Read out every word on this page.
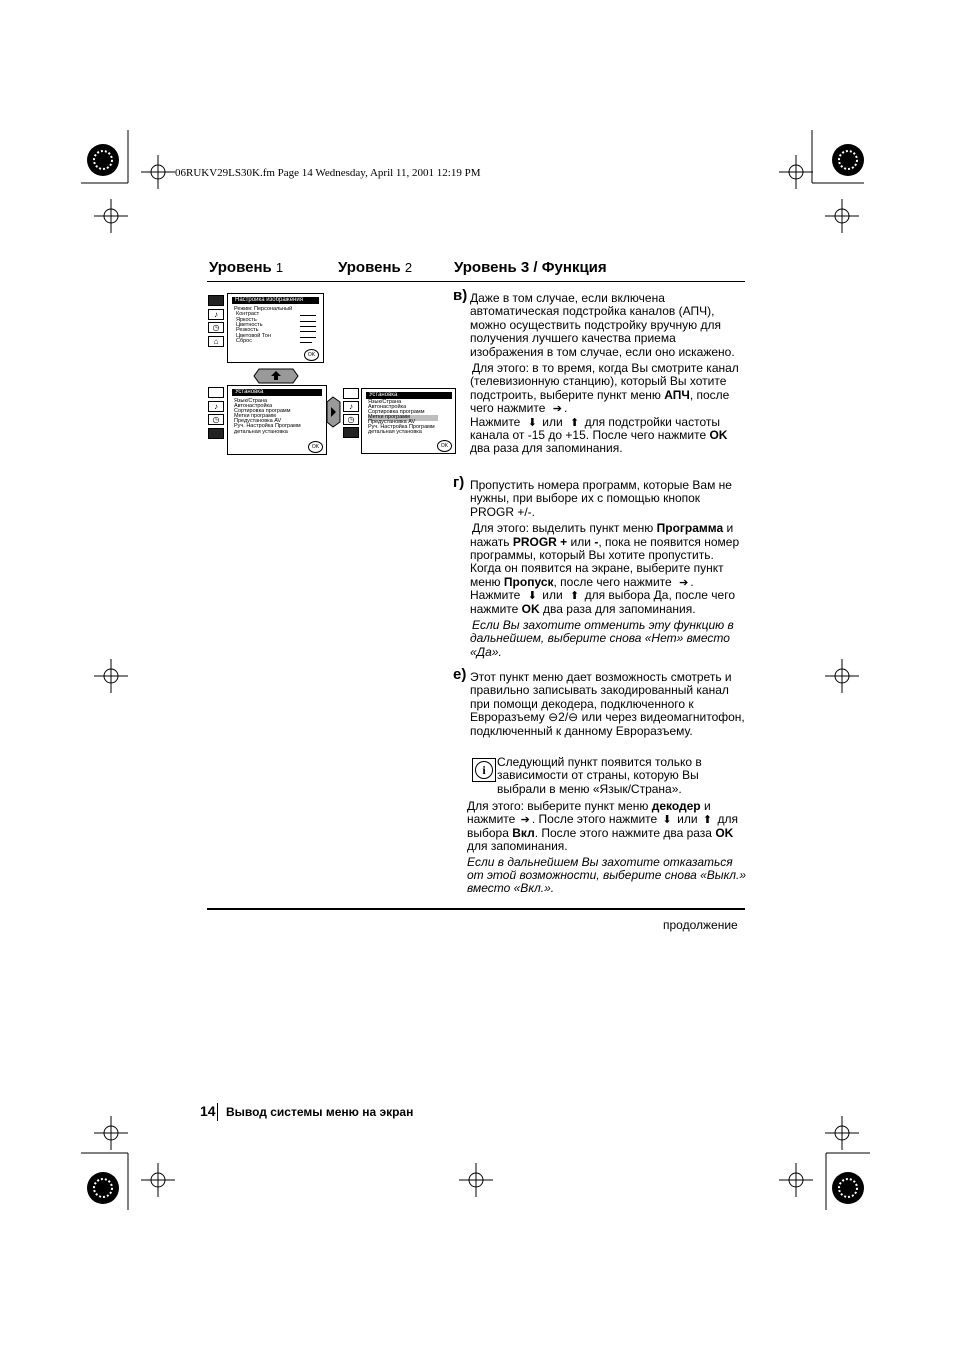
06RUKV29LS30K.fm Page 14 Wednesday, April 11, 2001 12:19 PM
Уровень 1	Уровень 2	Уровень 3 / Функция
♪
◷
⌂
Настройка изображения
Режим: Персональный
Контраст
Яркость
Цветность
Резкость
Цветовой Тон
Сброс
OK
♪
◷
Установка
Язык/Страна
Автонастройка
Сортировка программ
Метки программ
Предустановка AV
Руч. Настройка Программ
детальная установка
OK
♪
◷
Установка
Язык/Страна
Автонастройка
Сортировка программ
Метки программ
Предустановка AV
Руч. Настройка Программ
детальная установка
OK
в) Даже в том случае, если включена автоматическая подстройка каналов (АПЧ), можно осуществить подстройку вручную для получения лучшего качества приема изображения в том случае, если оно искажено.

Для этого: в то время, когда Вы смотрите канал (телевизионную станцию), который Вы хотите подстроить, выберите пункт меню АПЧ, после чего нажмите ➔ .
Нажмите ⬇ или ⬆ для подстройки частоты канала от -15 до +15. После чего нажмите OK два раза для запоминания.

г) Пропустить номера программ, которые Вам не нужны, при выборе их с помощью кнопок PROGR +/-.

Для этого: выделить пункт меню Программа и нажать PROGR + или -, пока не появится номер программы, который Вы хотите пропустить. Когда он появится на экране, выберите пункт меню Пропуск, после чего нажмите ➔ . Нажмите ⬇ или ⬆ для выбора Да, после чего нажмите OK два раза для запоминания.

Если Вы захотите отменить эту функцию в дальнейшем, выберите снова «Нет» вместо «Да».

е) Этот пункт меню дает возможность смотреть и правильно записывать закодированный канал при помощи декодера, подключенного к Евроразъему ⊖2/⊖ или через видеомагнитофон, подключенный к данному Евроразъему.

i
Следующий пункт появится только в зависимости от страны, которую Вы выбрали в меню «Язык/Страна».

Для этого: выберите пункт меню декодер и нажмите ➔ . После этого нажмите ⬇ или ⬆ для выбора Вкл. После этого нажмите два раза OK для запоминания.

Если в дальнейшем Вы захотите отказаться от этой возможности, выберите снова «Выкл.» вместо «Вкл.».

продолжение
14 Вывод системы меню на экран
